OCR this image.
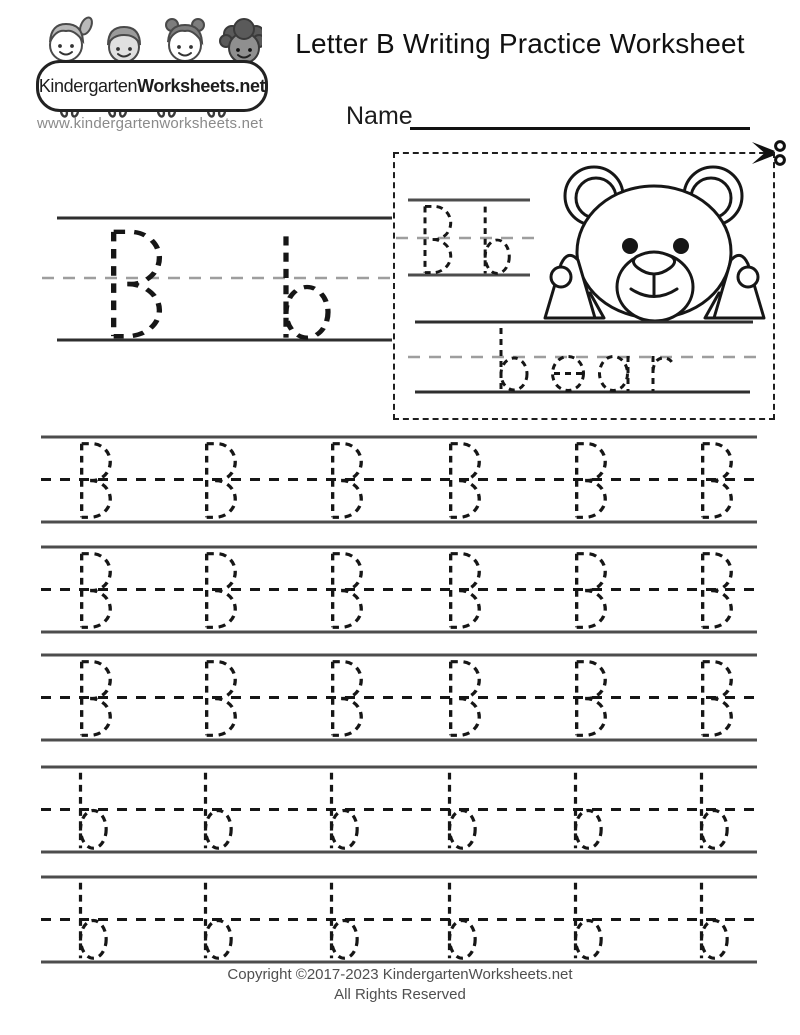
KindergartenWorksheets.net
www.kindergartenworksheets.net
Letter B Writing Practice Worksheet
Name
Copyright ©2017-2023 KindergartenWorksheets.net
All Rights Reserved
